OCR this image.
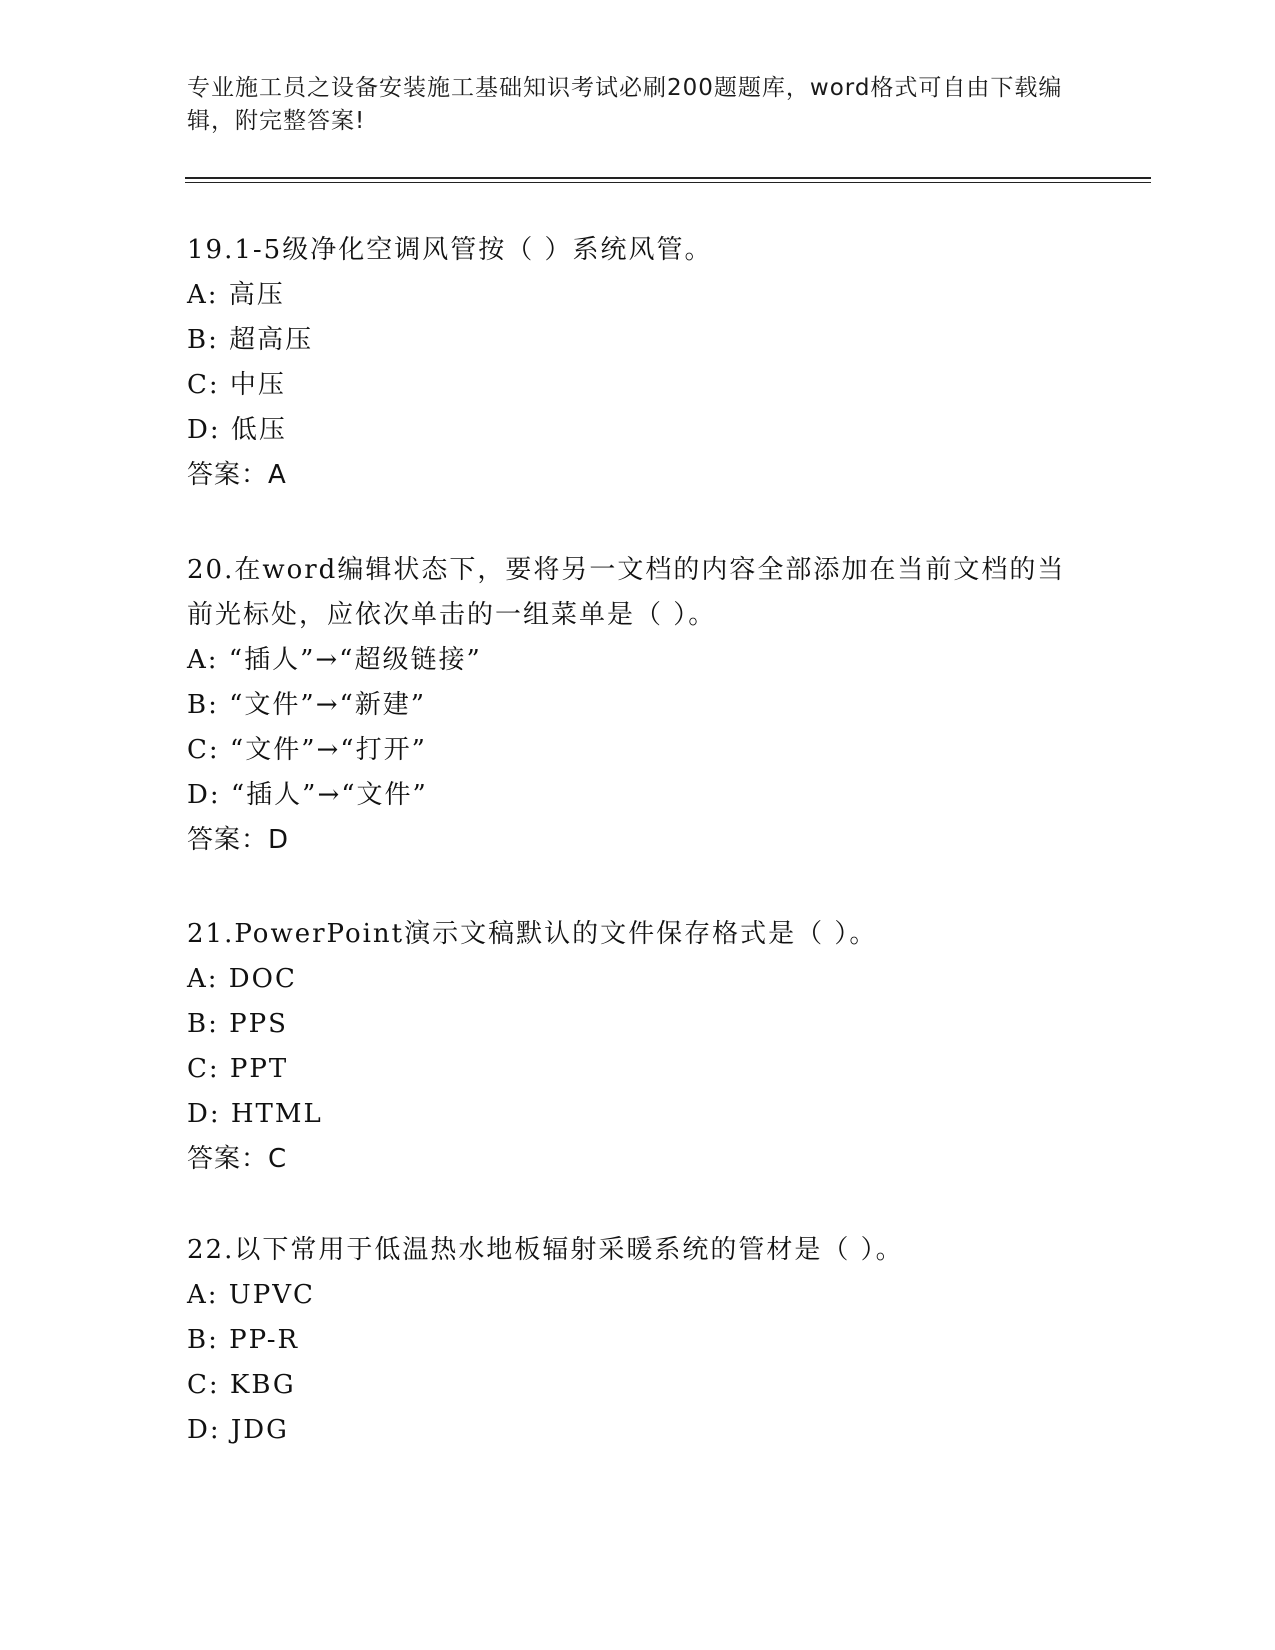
专业施工员之设备安装施工基础知识考试必刷200题题库，word格式可自由下载编辑，附完整答案!
19.1-5级净化空调风管按（ ）系统风管。
A: 高压
B: 超高压
C: 中压
D: 低压
答案：A
20.在word编辑状态下，要将另一文档的内容全部添加在当前文档的当前光标处，应依次单击的一组菜单是（ ）。
A: “插人”→“超级链接”
B: “文件”→“新建”
C: “文件”→“打开”
D: “插人”→“文件”
答案：D
21.PowerPoint演示文稿默认的文件保存格式是（ ）。
A: DOC
B: PPS
C: PPT
D: HTML
答案：C
22.以下常用于低温热水地板辐射采暖系统的管材是（ ）。
A: UPVC
B: PP-R
C: KBG
D: JDG
